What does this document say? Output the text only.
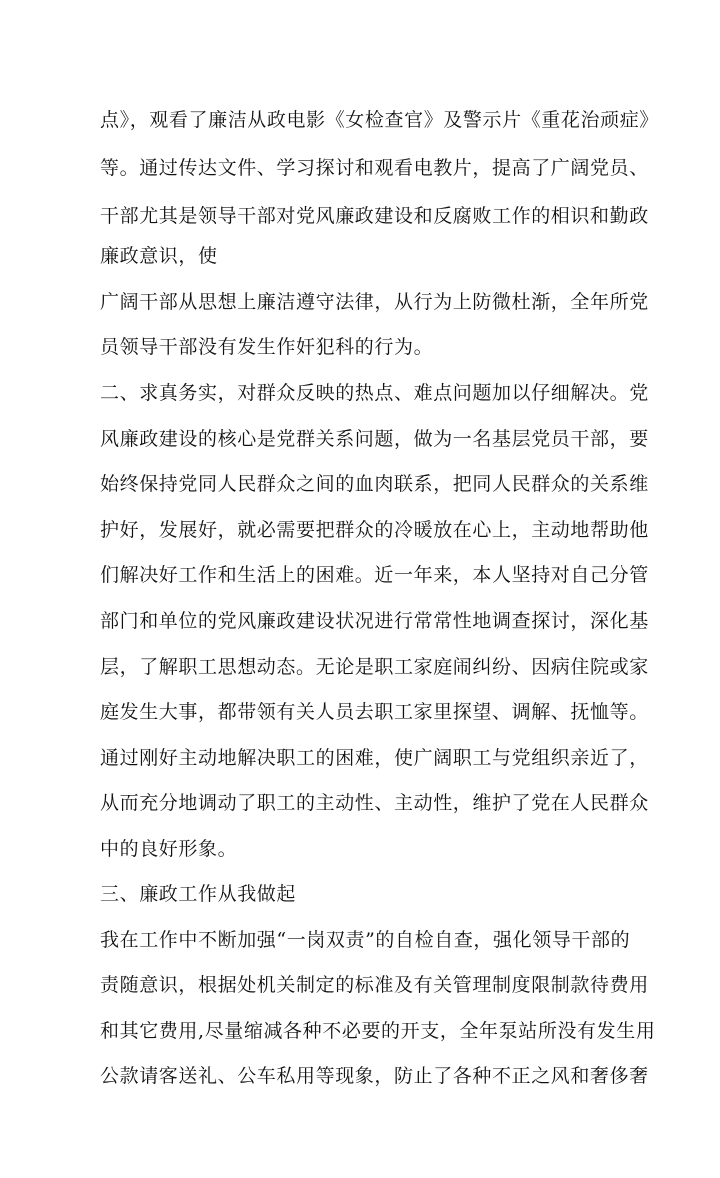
点》，观看了廉洁从政电影《女检查官》及警示片《重花治顽症》
等。通过传达文件、学习探讨和观看电教片，提高了广阔党员、
干部尤其是领导干部对党风廉政建设和反腐败工作的相识和勤政
廉政意识，使
广阔干部从思想上廉洁遵守法律，从行为上防微杜渐，全年所党
员领导干部没有发生作奸犯科的行为。
二、求真务实，对群众反映的热点、难点问题加以仔细解决。党
风廉政建设的核心是党群关系问题，做为一名基层党员干部，要
始终保持党同人民群众之间的血肉联系，把同人民群众的关系维
护好，发展好，就必需要把群众的冷暖放在心上，主动地帮助他
们解决好工作和生活上的困难。近一年来，本人坚持对自己分管
部门和单位的党风廉政建设状况进行常常性地调查探讨，深化基
层，了解职工思想动态。无论是职工家庭闹纠纷、因病住院或家
庭发生大事，都带领有关人员去职工家里探望、调解、抚恤等。
通过刚好主动地解决职工的困难，使广阔职工与党组织亲近了，
从而充分地调动了职工的主动性、主动性，维护了党在人民群众
中的良好形象。
三、廉政工作从我做起
我在工作中不断加强“一岗双责”的自检自查，强化领导干部的
责随意识，根据处机关制定的标准及有关管理制度限制款待费用
和其它费用,尽量缩减各种不必要的开支，全年泵站所没有发生用
公款请客送礼、公车私用等现象，防止了各种不正之风和奢侈奢
